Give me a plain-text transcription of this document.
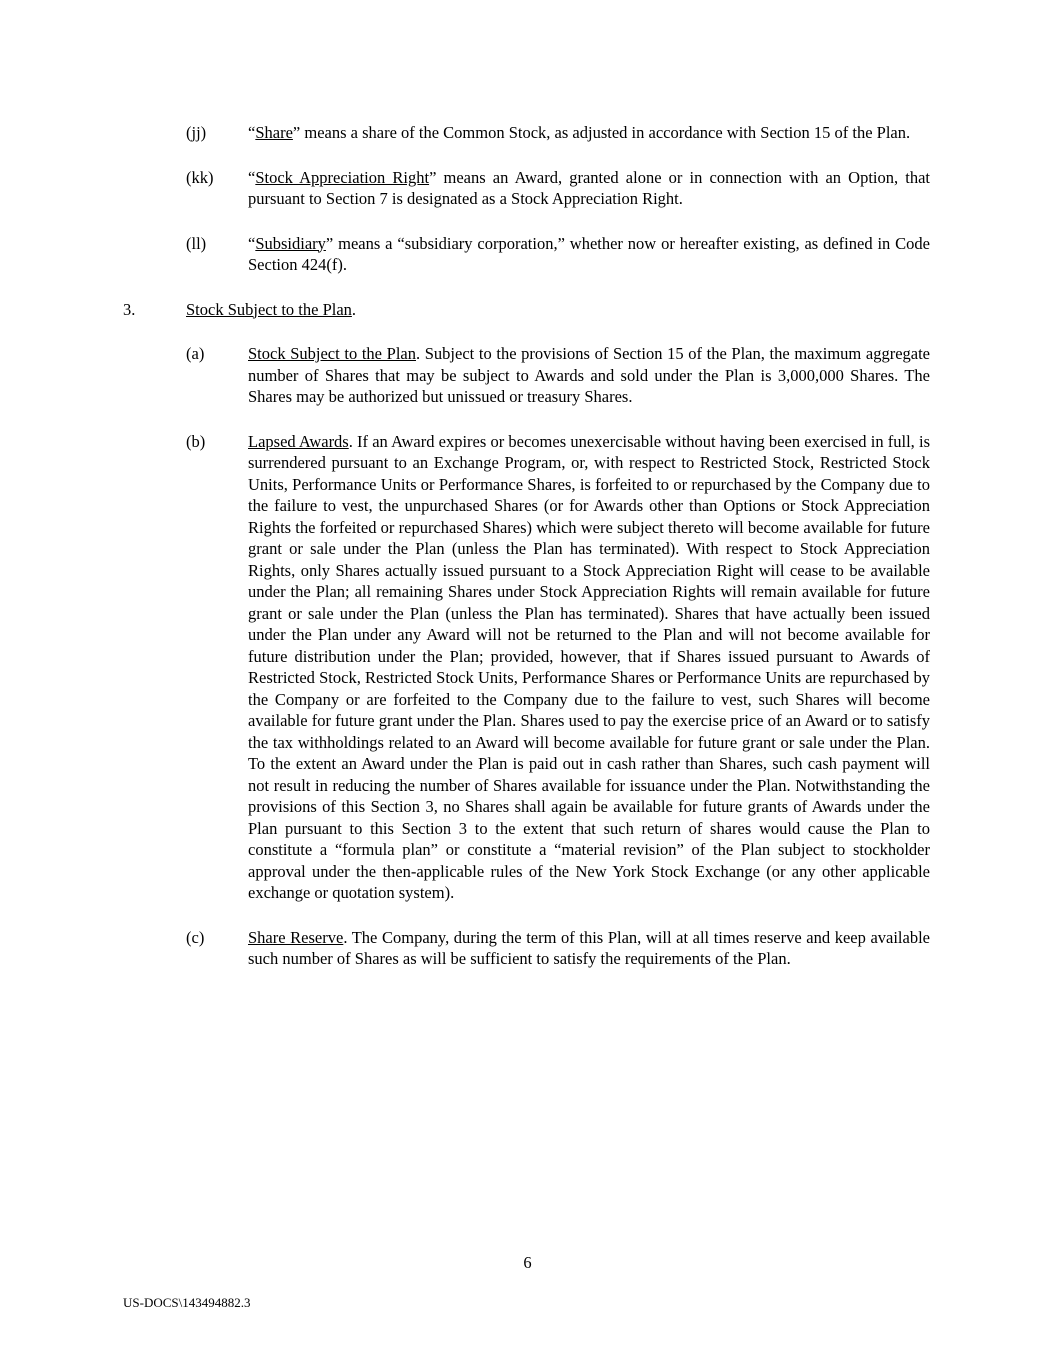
(jj)	“Share” means a share of the Common Stock, as adjusted in accordance with Section 15 of the Plan.
(kk)	“Stock Appreciation Right” means an Award, granted alone or in connection with an Option, that pursuant to Section 7 is designated as a Stock Appreciation Right.
(ll)	“Subsidiary” means a “subsidiary corporation,” whether now or hereafter existing, as defined in Code Section 424(f).
3.	Stock Subject to the Plan.
(a)	Stock Subject to the Plan. Subject to the provisions of Section 15 of the Plan, the maximum aggregate number of Shares that may be subject to Awards and sold under the Plan is 3,000,000 Shares. The Shares may be authorized but unissued or treasury Shares.
(b)	Lapsed Awards. If an Award expires or becomes unexercisable without having been exercised in full, is surrendered pursuant to an Exchange Program, or, with respect to Restricted Stock, Restricted Stock Units, Performance Units or Performance Shares, is forfeited to or repurchased by the Company due to the failure to vest, the unpurchased Shares (or for Awards other than Options or Stock Appreciation Rights the forfeited or repurchased Shares) which were subject thereto will become available for future grant or sale under the Plan (unless the Plan has terminated). With respect to Stock Appreciation Rights, only Shares actually issued pursuant to a Stock Appreciation Right will cease to be available under the Plan; all remaining Shares under Stock Appreciation Rights will remain available for future grant or sale under the Plan (unless the Plan has terminated). Shares that have actually been issued under the Plan under any Award will not be returned to the Plan and will not become available for future distribution under the Plan; provided, however, that if Shares issued pursuant to Awards of Restricted Stock, Restricted Stock Units, Performance Shares or Performance Units are repurchased by the Company or are forfeited to the Company due to the failure to vest, such Shares will become available for future grant under the Plan. Shares used to pay the exercise price of an Award or to satisfy the tax withholdings related to an Award will become available for future grant or sale under the Plan. To the extent an Award under the Plan is paid out in cash rather than Shares, such cash payment will not result in reducing the number of Shares available for issuance under the Plan. Notwithstanding the provisions of this Section 3, no Shares shall again be available for future grants of Awards under the Plan pursuant to this Section 3 to the extent that such return of shares would cause the Plan to constitute a “formula plan” or constitute a “material revision” of the Plan subject to stockholder approval under the then-applicable rules of the New York Stock Exchange (or any other applicable exchange or quotation system).
(c)	Share Reserve. The Company, during the term of this Plan, will at all times reserve and keep available such number of Shares as will be sufficient to satisfy the requirements of the Plan.
6
US-DOCS\143494882.3
